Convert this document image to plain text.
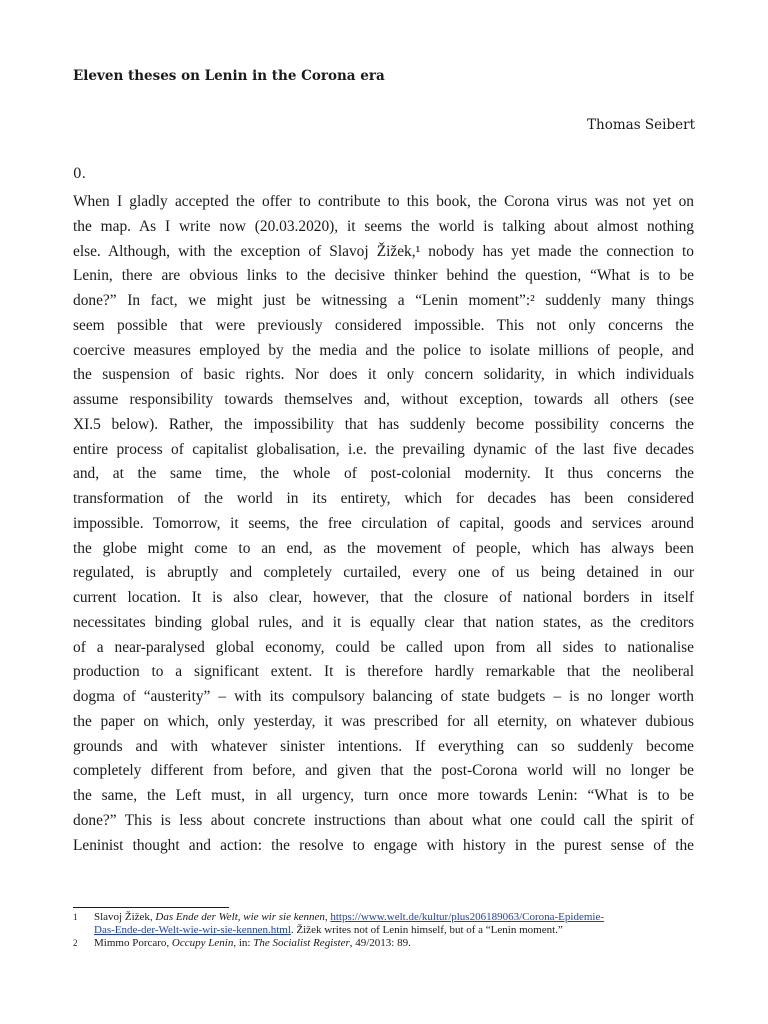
Eleven theses on Lenin in the Corona era
Thomas Seibert
0.
When I gladly accepted the offer to contribute to this book, the Corona virus was not yet on
the map. As I write now (20.03.2020), it seems the world is talking about almost nothing
else. Although, with the exception of Slavoj Žižek,¹ nobody has yet made the connection to
Lenin, there are obvious links to the decisive thinker behind the question, “What is to be
done?” In fact, we might just be witnessing a “Lenin moment”:² suddenly many things
seem possible that were previously considered impossible. This not only concerns the
coercive measures employed by the media and the police to isolate millions of people, and
the suspension of basic rights. Nor does it only concern solidarity, in which individuals
assume responsibility towards themselves and, without exception, towards all others (see
XI.5 below). Rather, the impossibility that has suddenly become possibility concerns the
entire process of capitalist globalisation, i.e. the prevailing dynamic of the last five decades
and, at the same time, the whole of post-colonial modernity. It thus concerns the
transformation of the world in its entirety, which for decades has been considered
impossible. Tomorrow, it seems, the free circulation of capital, goods and services around
the globe might come to an end, as the movement of people, which has always been
regulated, is abruptly and completely curtailed, every one of us being detained in our
current location. It is also clear, however, that the closure of national borders in itself
necessitates binding global rules, and it is equally clear that nation states, as the creditors
of a near-paralysed global economy, could be called upon from all sides to nationalise
production to a significant extent. It is therefore hardly remarkable that the neoliberal
dogma of “austerity” – with its compulsory balancing of state budgets – is no longer worth
the paper on which, only yesterday, it was prescribed for all eternity, on whatever dubious
grounds and with whatever sinister intentions. If everything can so suddenly become
completely different from before, and given that the post-Corona world will no longer be
the same, the Left must, in all urgency, turn once more towards Lenin: “What is to be
done?” This is less about concrete instructions than about what one could call the spirit of
Leninist thought and action: the resolve to engage with history in the purest sense of the
1 Slavoj Žižek, Das Ende der Welt, wie wir sie kennen, https://www.welt.de/kultur/plus206189063/Corona-Epidemie-
Das-Ende-der-Welt-wie-wir-sie-kennen.html. Žižek writes not of Lenin himself, but of a “Lenin moment.”
2 Mimmo Porcaro, Occupy Lenin, in: The Socialist Register, 49/2013: 89.
